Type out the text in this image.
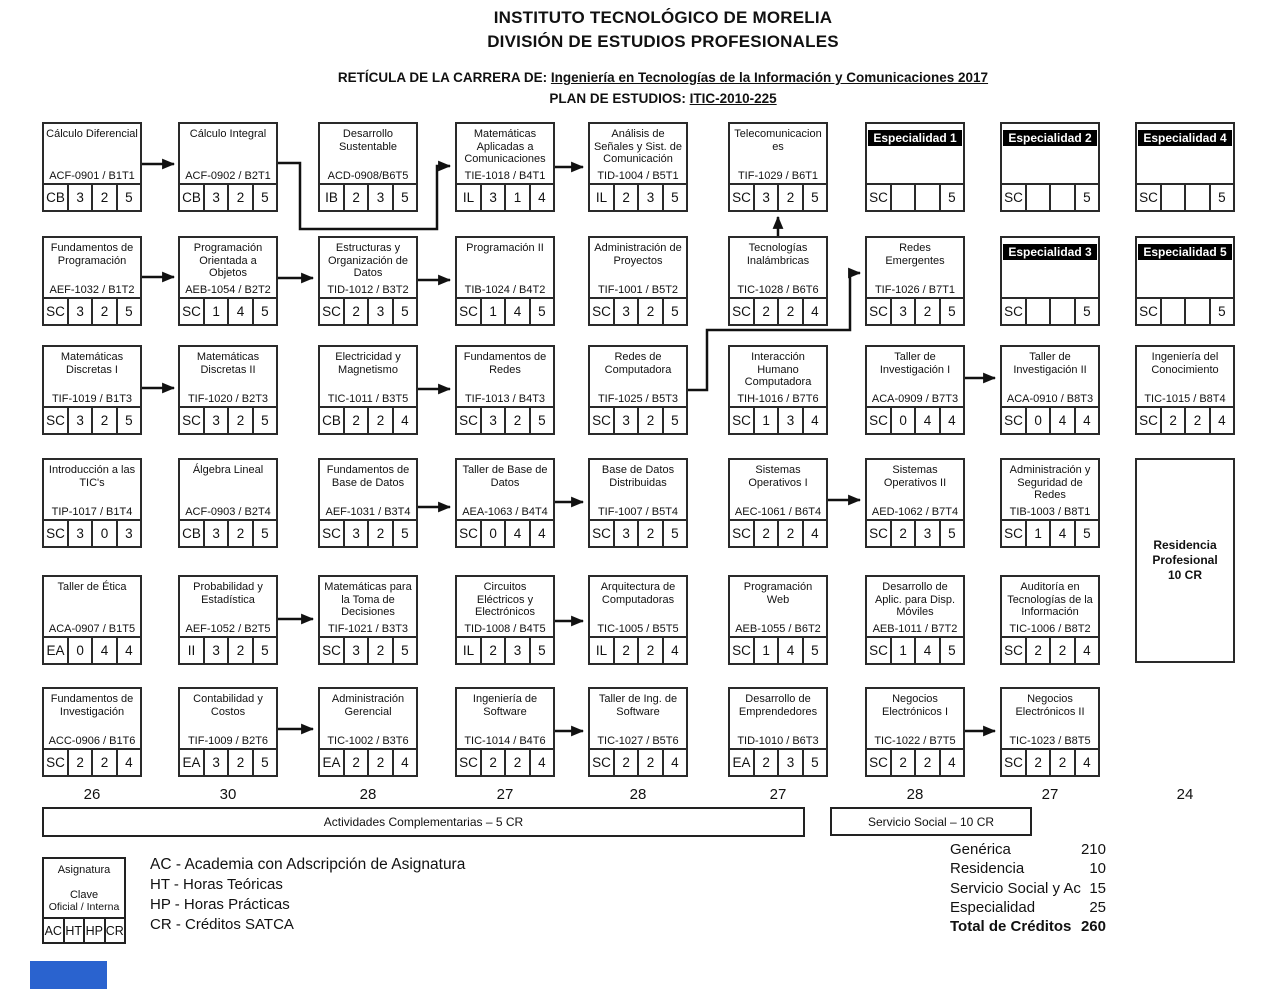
INSTITUTO TECNOLÓGICO DE MORELIA
DIVISIÓN DE ESTUDIOS PROFESIONALES
RETÍCULA DE LA CARRERA DE: Ingeniería en Tecnologías de la Información y Comunicaciones 2017
PLAN DE ESTUDIOS: ITIC-2010-225
Cálculo Diferencial
ACF-0901 / B1T1
CB 3	2	5
Cálculo Integral
ACF-0902 / B2T1
CB 3	2	5
Desarrollo Sustentable
ACD-0908/B6T5
IB	2	3	5
Matemáticas Aplicadas a Comunicaciones
TIE-1018 / B4T1
IL	3	1	4
Análisis de Señales y Sist. de Comunicación
TID-1004 / B5T1
IL	2	3	5
Telecomunicaciones
TIF-1029 / B6T1
SC 3	2	5
Fundamentos de Programación
AEF-1032 / B1T2
SC 3	2	5
Programación Orientada a Objetos
AEB-1054 / B2T2
SC 1	4	5
Estructuras y Organización de Datos
TID-1012 / B3T2
SC 2	3	5
Programación II
TIB-1024 / B4T2
SC 1	4	5
Administración de Proyectos
TIF-1001 / B5T2
SC 3	2	5
Tecnologías Inalámbricas
TIC-1028 / B6T6
SC 2	2	4
Redes Emergentes
TIF-1026 / B7T1
SC 3	2	5
Matemáticas Discretas I
TIF-1019 / B1T3
SC 3	2	5
Matemáticas Discretas II
TIF-1020 / B2T3
SC 3	2	5
Electricidad y Magnetismo
TIC-1011 / B3T5
CB 2	2	4
Fundamentos de Redes
TIF-1013 / B4T3
SC 3	2	5
Redes de Computadora
TIF-1025 / B5T3
SC 3	2	5
Interacción Humano Computadora
TIH-1016 / B7T6
SC 1	3	4
Taller de Investigación I
ACA-0909 / B7T3
SC 0	4	4
Taller de Investigación II
ACA-0910 / B8T3
SC 0	4	4
Ingeniería del Conocimiento
TIC-1015 / B8T4
SC 2	2	4
Introducción a las TIC's
TIP-1017 / B1T4
SC 3	0	3
Álgebra Lineal
ACF-0903 / B2T4
CB 3	2	5
Fundamentos de Base de Datos
AEF-1031 / B3T4
SC 3	2	5
Taller de Base de Datos
AEA-1063 / B4T4
SC 0	4	4
Base de Datos Distribuidas
TIF-1007 / B5T4
SC 3	2	5
Sistemas Operativos I
AEC-1061 / B6T4
SC 2	2	4
Sistemas Operativos II
AED-1062 / B7T4
SC 2	3	5
Administración y Seguridad de Redes
TIB-1003 / B8T1
SC 1	4	5
Taller de Ética
ACA-0907 / B1T5
EA 0	4	4
Probabilidad y Estadística
AEF-1052 / B2T5
II	3	2	5
Matemáticas para la Toma de Decisiones
TIF-1021 / B3T3
SC 3	2	5
Circuitos Eléctricos y Electrónicos
TID-1008 / B4T5
IL	2	3	5
Arquitectura de Computadoras
TIC-1005 / B5T5
IL	2	2	4
Programación Web
AEB-1055 / B6T2
SC 1	4	5
Desarrollo de Aplic. para Disp. Móviles
AEB-1011 / B7T2
SC 1	4	5
Auditoría en Tecnologías de la Información
TIC-1006 / B8T2
SC 2	2	4
Fundamentos de Investigación
ACC-0906 / B1T6
SC 2	2	4
Contabilidad y Costos
TIF-1009 / B2T6
EA 3	2	5
Administración Gerencial
TIC-1002 / B3T6
EA 2	2	4
Ingeniería de Software
TIC-1014 / B4T6
SC 2	2	4
Taller de Ing. de Software
TIC-1027 / B5T6
SC 2	2	4
Desarrollo de Emprendedores
TID-1010 / B6T3
EA 2	3	5
Negocios Electrónicos I
TIC-1022 / B7T5
SC 2	2	4
Negocios Electrónicos II
TIC-1023 / B8T5
SC 2	2	4
Especialidad 1
SC	5
Especialidad 2
SC	5
Especialidad 4
SC	5
Especialidad 3
SC	5
Especialidad 5
SC	5
26	30	28	27	28	27	28	27	24
Residencia
Profesional
10 CR
Actividades Complementarias – 5 CR	Servicio Social – 10 CR
Asignatura
Clave
Oficial / Interna
AC HT HP CR
AC - Academia con Adscripción de Asignatura
HT - Horas Teóricas
HP - Horas Prácticas
CR - Créditos SATCA
Genérica	210
Residencia	10
Servicio Social y Ac 15
Especialidad	25
Total de Créditos 260
